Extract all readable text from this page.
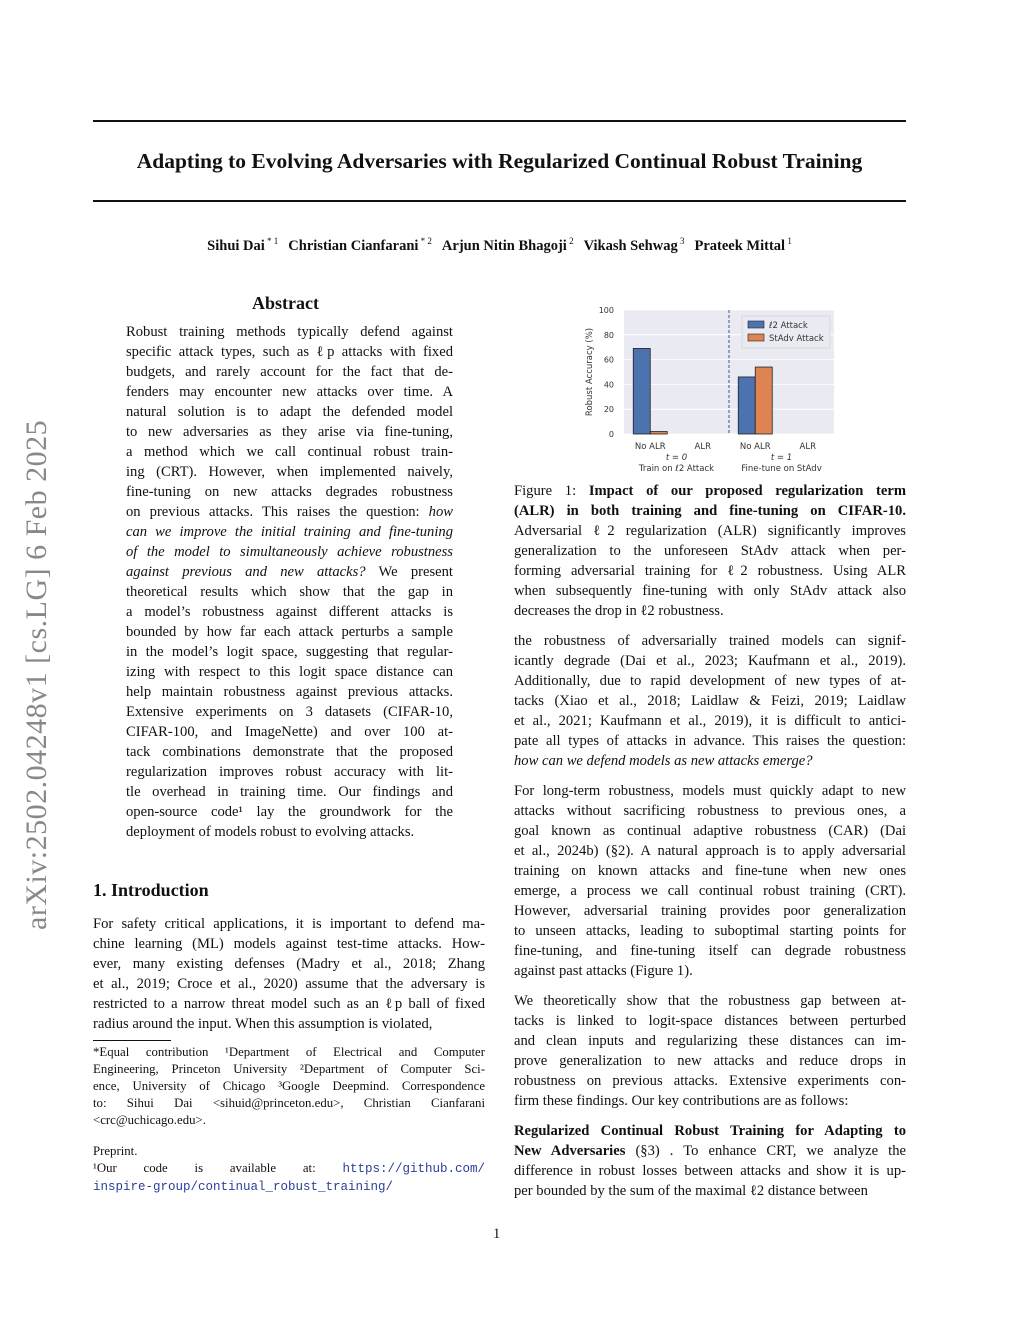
Adapting to Evolving Adversaries with Regularized Continual Robust Training
Sihui Dai $^{* 1}$ Christian Cianfarani $^{* 2}$ Arjun Nitin Bhagoji $^2$ Vikash Sehwag $^3$ Prateek Mittal $^1$
arXiv:2502.04248v1 [cs.LG] 6 Feb 2025
Abstract
Robust training methods typically defend against
specific attack types, such as ℓp attacks with fixed
budgets, and rarely account for the fact that de-
fenders may encounter new attacks over time. A
natural solution is to adapt the defended model
to new adversaries as they arise via fine-tuning,
a method which we call continual robust train-
ing (CRT). However, when implemented naively,
fine-tuning on new attacks degrades robustness
on previous attacks. This raises the question: how
can we improve the initial training and fine-tuning
of the model to simultaneously achieve robustness
against previous and new attacks? We present
theoretical results which show that the gap in
a model’s robustness against different attacks is
bounded by how far each attack perturbs a sample
in the model’s logit space, suggesting that regular-
izing with respect to this logit space distance can
help maintain robustness against previous attacks.
Extensive experiments on 3 datasets (CIFAR-10,
CIFAR-100, and ImageNette) and over 100 at-
tack combinations demonstrate that the proposed
regularization improves robust accuracy with lit-
tle overhead in training time. Our findings and
open-source code¹ lay the groundwork for the
deployment of models robust to evolving attacks.
1. Introduction
For safety critical applications, it is important to defend ma-
chine learning (ML) models against test-time attacks. How-
ever, many existing defenses (Madry et al., 2018; Zhang
et al., 2019; Croce et al., 2020) assume that the adversary is
restricted to a narrow threat model such as an ℓp ball of fixed
radius around the input. When this assumption is violated,
*Equal contribution ¹Department of Electrical and Computer
Engineering, Princeton University ²Department of Computer Sci-
ence, University of Chicago ³Google Deepmind. Correspondence
to: Sihui Dai <sihuid@princeton.edu>, Christian Cianfarani
<crc@uchicago.edu>.
Preprint.
¹Our code is available at: https://github.com/
inspire-group/continual_robust_training/
0
20
40
60
80
100
Robust Accuracy (%)
No ALR	ALR	No ALR	ALR
t = 0
Train on ℓ2 Attack
t = 1
Fine-tune on StAdv
ℓ2 Attack
StAdv Attack
Figure 1: Impact of our proposed regularization term
(ALR) in both training and fine-tuning on CIFAR-10.
Adversarial ℓ2 regularization (ALR) significantly improves
generalization to the unforeseen StAdv attack when per-
forming adversarial training for ℓ2 robustness. Using ALR
when subsequently fine-tuning with only StAdv attack also
decreases the drop in ℓ2 robustness.
the robustness of adversarially trained models can signif-
icantly degrade (Dai et al., 2023; Kaufmann et al., 2019).
Additionally, due to rapid development of new types of at-
tacks (Xiao et al., 2018; Laidlaw & Feizi, 2019; Laidlaw
et al., 2021; Kaufmann et al., 2019), it is difficult to antici-
pate all types of attacks in advance. This raises the question:
how can we defend models as new attacks emerge?
For long-term robustness, models must quickly adapt to new
attacks without sacrificing robustness to previous ones, a
goal known as continual adaptive robustness (CAR) (Dai
et al., 2024b) (§2). A natural approach is to apply adversarial
training on known attacks and fine-tune when new ones
emerge, a process we call continual robust training (CRT).
However, adversarial training provides poor generalization
to unseen attacks, leading to suboptimal starting points for
fine-tuning, and fine-tuning itself can degrade robustness
against past attacks (Figure 1).
We theoretically show that the robustness gap between at-
tacks is linked to logit-space distances between perturbed
and clean inputs and regularizing these distances can im-
prove generalization to new attacks and reduce drops in
robustness on previous attacks. Extensive experiments con-
firm these findings. Our key contributions are as follows:
Regularized Continual Robust Training for Adapting to
New Adversaries (§3) . To enhance CRT, we analyze the
difference in robust losses between attacks and show it is up-
per bounded by the sum of the maximal ℓ2 distance between
1
